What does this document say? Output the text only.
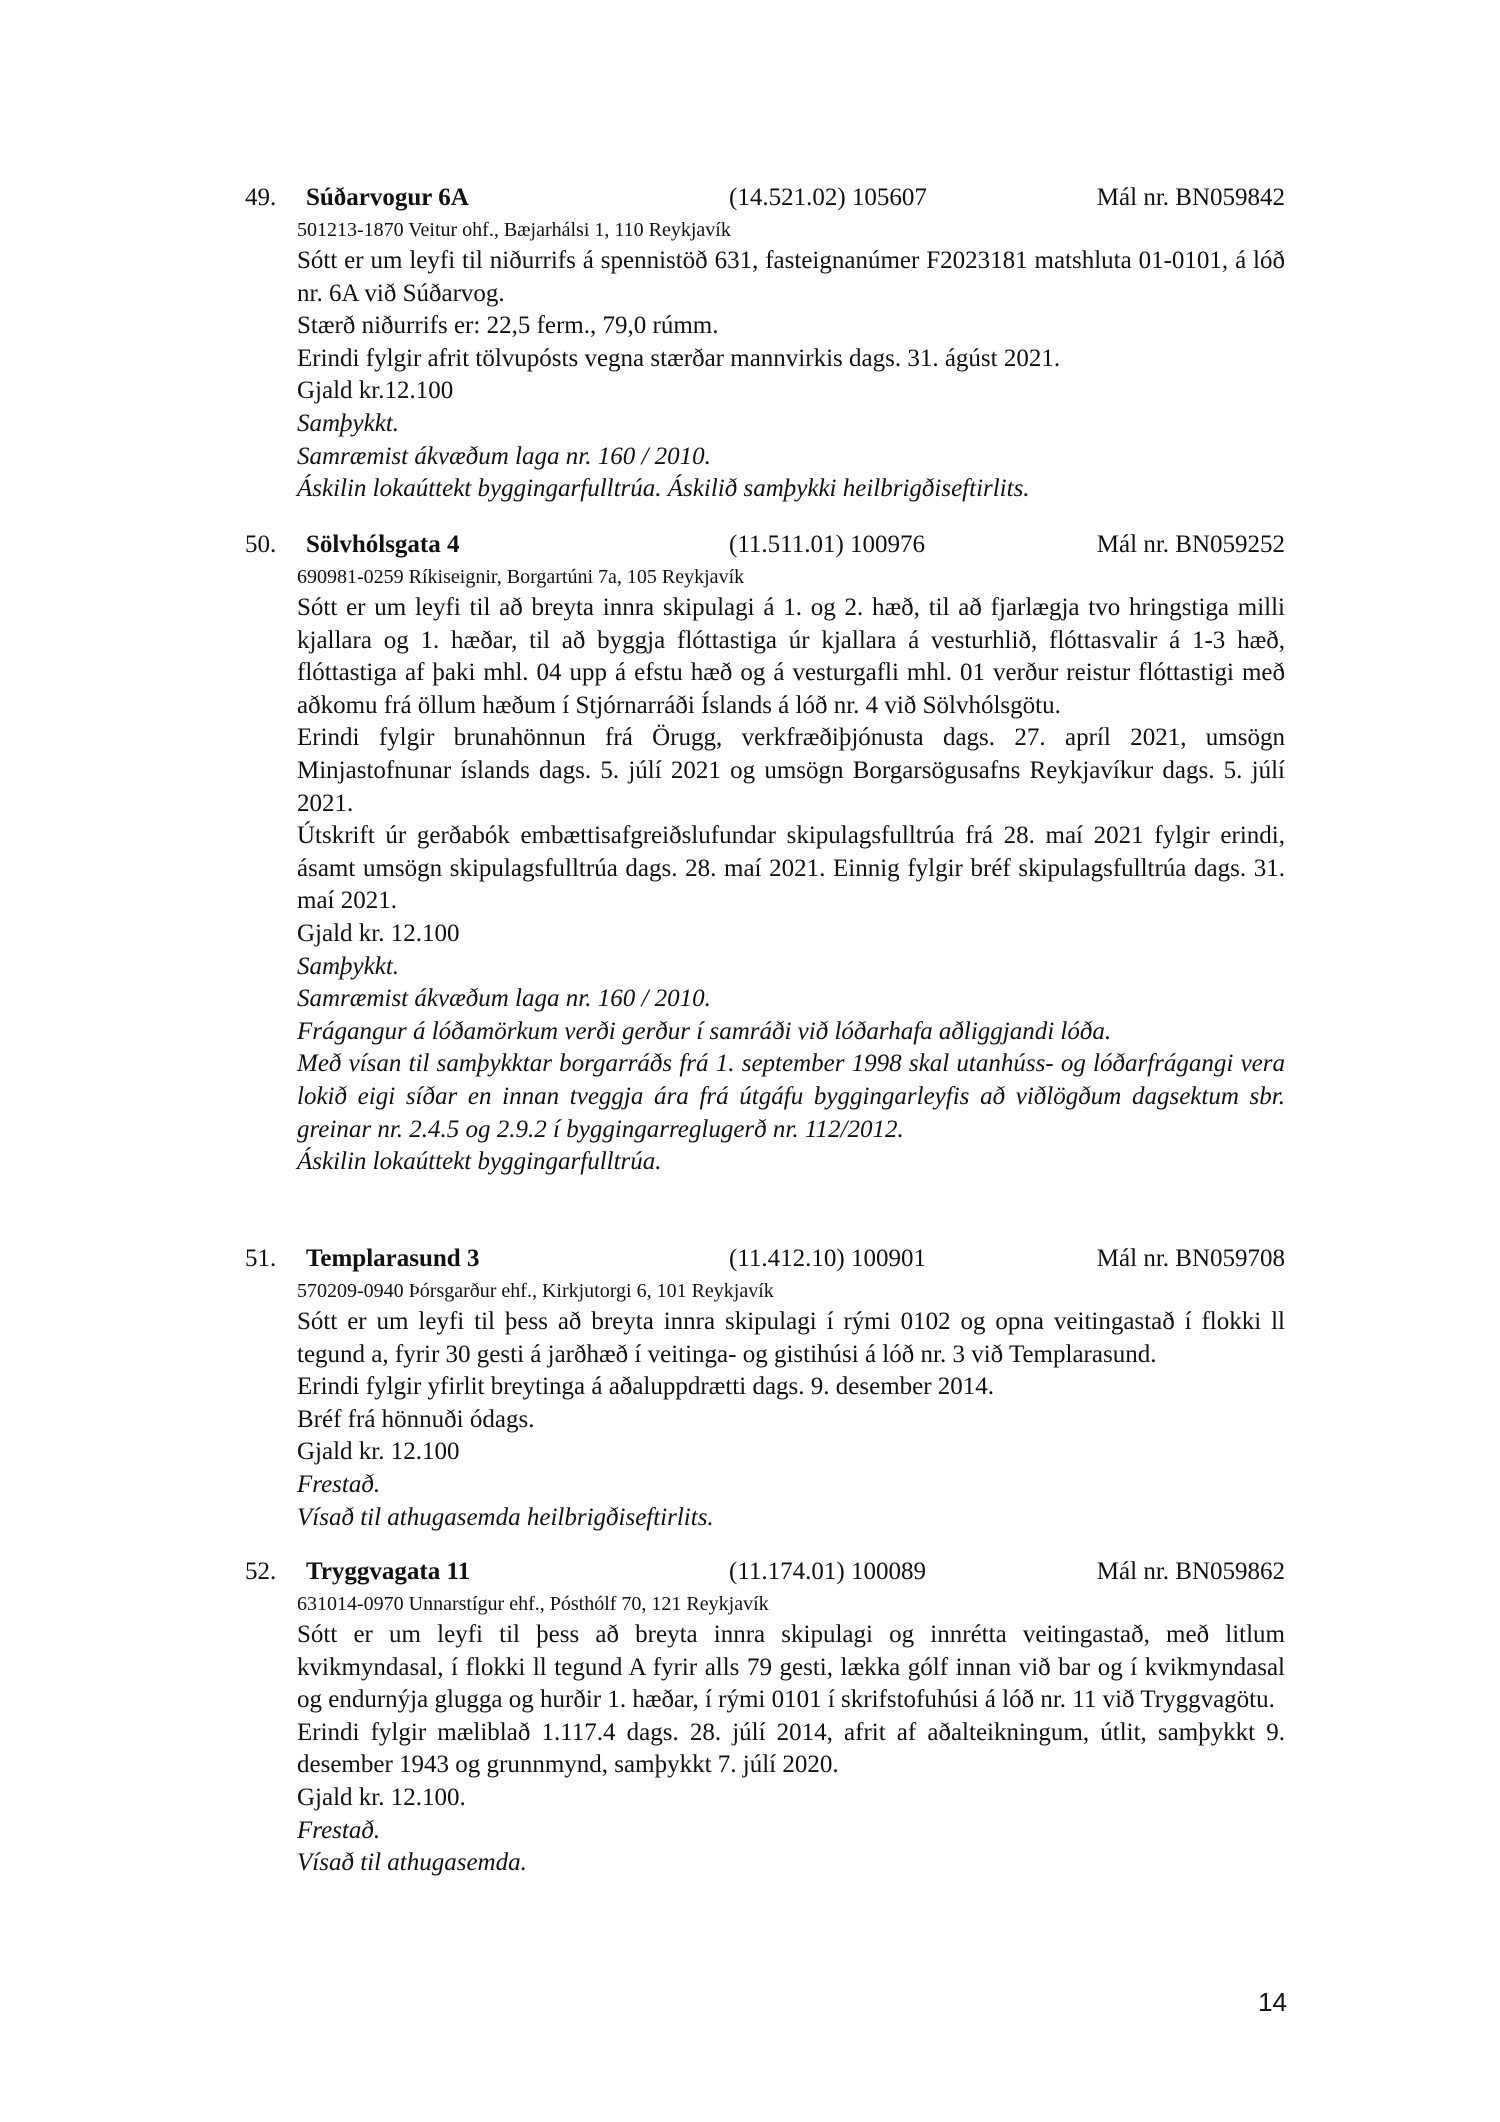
49. Súðarvogur 6A	(14.521.02) 105607	Mál nr. BN059842
501213-1870 Veitur ohf., Bæjarhálsi 1, 110 Reykjavík
Sótt er um leyfi til niðurrifs á spennistöð 631, fasteignanúmer F2023181 matshluta 01-0101, á lóð nr. 6A við Súðarvog.
Stærð niðurrifs er: 22,5 ferm., 79,0 rúmm.
Erindi fylgir afrit tölvupósts vegna stærðar mannvirkis dags. 31. ágúst 2021.
Gjald kr.12.100
Samþykkt.
Samræmist ákvæðum laga nr. 160 / 2010.
Áskilin lokaúttekt byggingarfulltrúa. Áskilið samþykki heilbrigðiseftirlits.
50. Sölvhólsgata 4	(11.511.01) 100976	Mál nr. BN059252
690981-0259 Ríkiseignir, Borgartúni 7a, 105 Reykjavík
Sótt er um leyfi til að breyta innra skipulagi á 1. og 2. hæð, til að fjarlægja tvo hringstiga milli kjallara og 1. hæðar, til að byggja flóttastiga úr kjallara á vesturhlið, flóttasvalir á 1-3 hæð, flóttastiga af þaki mhl. 04 upp á efstu hæð og á vesturgafli mhl. 01 verður reistur flóttastigi með aðkomu frá öllum hæðum í Stjórnarráði Íslands á lóð nr. 4 við Sölvhólsgötu.
Erindi fylgir brunahönnun frá Örugg, verkfræðiþjónusta dags. 27. apríl 2021, umsögn Minjastofnunar íslands dags. 5. júlí 2021 og umsögn Borgarsögusafns Reykjavíkur dags. 5. júlí 2021.
Útskrift úr gerðabók embættisafgreiðslufundar skipulagsfulltrúa frá 28. maí 2021 fylgir erindi, ásamt umsögn skipulagsfulltrúa dags. 28. maí 2021. Einnig fylgir bréf skipulagsfulltrúa dags. 31. maí 2021.
Gjald kr. 12.100
Samþykkt.
Samræmist ákvæðum laga nr. 160 / 2010.
Frágangur á lóðamörkum verði gerður í samráði við lóðarhafa aðliggjandi lóða.
Með vísan til samþykktar borgarráðs frá 1. september 1998 skal utanhúss- og lóðarfrágangi vera lokið eigi síðar en innan tveggja ára frá útgáfu byggingarleyfis að viðlögðum dagsektum sbr. greinar nr. 2.4.5 og 2.9.2 í byggingarreglugerð nr. 112/2012.
Áskilin lokaúttekt byggingarfulltrúa.
51. Templarasund 3	(11.412.10) 100901	Mál nr. BN059708
570209-0940 Þórsgarður ehf., Kirkjutorgi 6, 101 Reykjavík
Sótt er um leyfi til þess að breyta innra skipulagi í rými 0102 og opna veitingastað í flokki ll tegund a, fyrir 30 gesti á jarðhæð í veitinga- og gistihúsi á lóð nr. 3 við Templarasund.
Erindi fylgir yfirlit breytinga á aðaluppdrætti dags. 9. desember 2014.
Bréf frá hönnuði ódags.
Gjald kr. 12.100
Frestað.
Vísað til athugasemda heilbrigðiseftirlits.
52. Tryggvagata 11	(11.174.01) 100089	Mál nr. BN059862
631014-0970 Unnarstígur ehf., Pósthólf 70, 121 Reykjavík
Sótt er um leyfi til þess að breyta innra skipulagi og innrétta veitingastað, með litlum kvikmyndasal, í flokki ll tegund A fyrir alls 79 gesti, lækka gólf innan við bar og í kvikmyndasal og endurnýja glugga og hurðir 1. hæðar, í rými 0101 í skrifstofuhúsi á lóð nr. 11 við Tryggvagötu.
Erindi fylgir mæliblað 1.117.4 dags. 28. júlí 2014, afrit af aðalteikningum, útlit, samþykkt 9. desember 1943 og grunnmynd, samþykkt 7. júlí 2020.
Gjald kr. 12.100.
Frestað.
Vísað til athugasemda.
14
